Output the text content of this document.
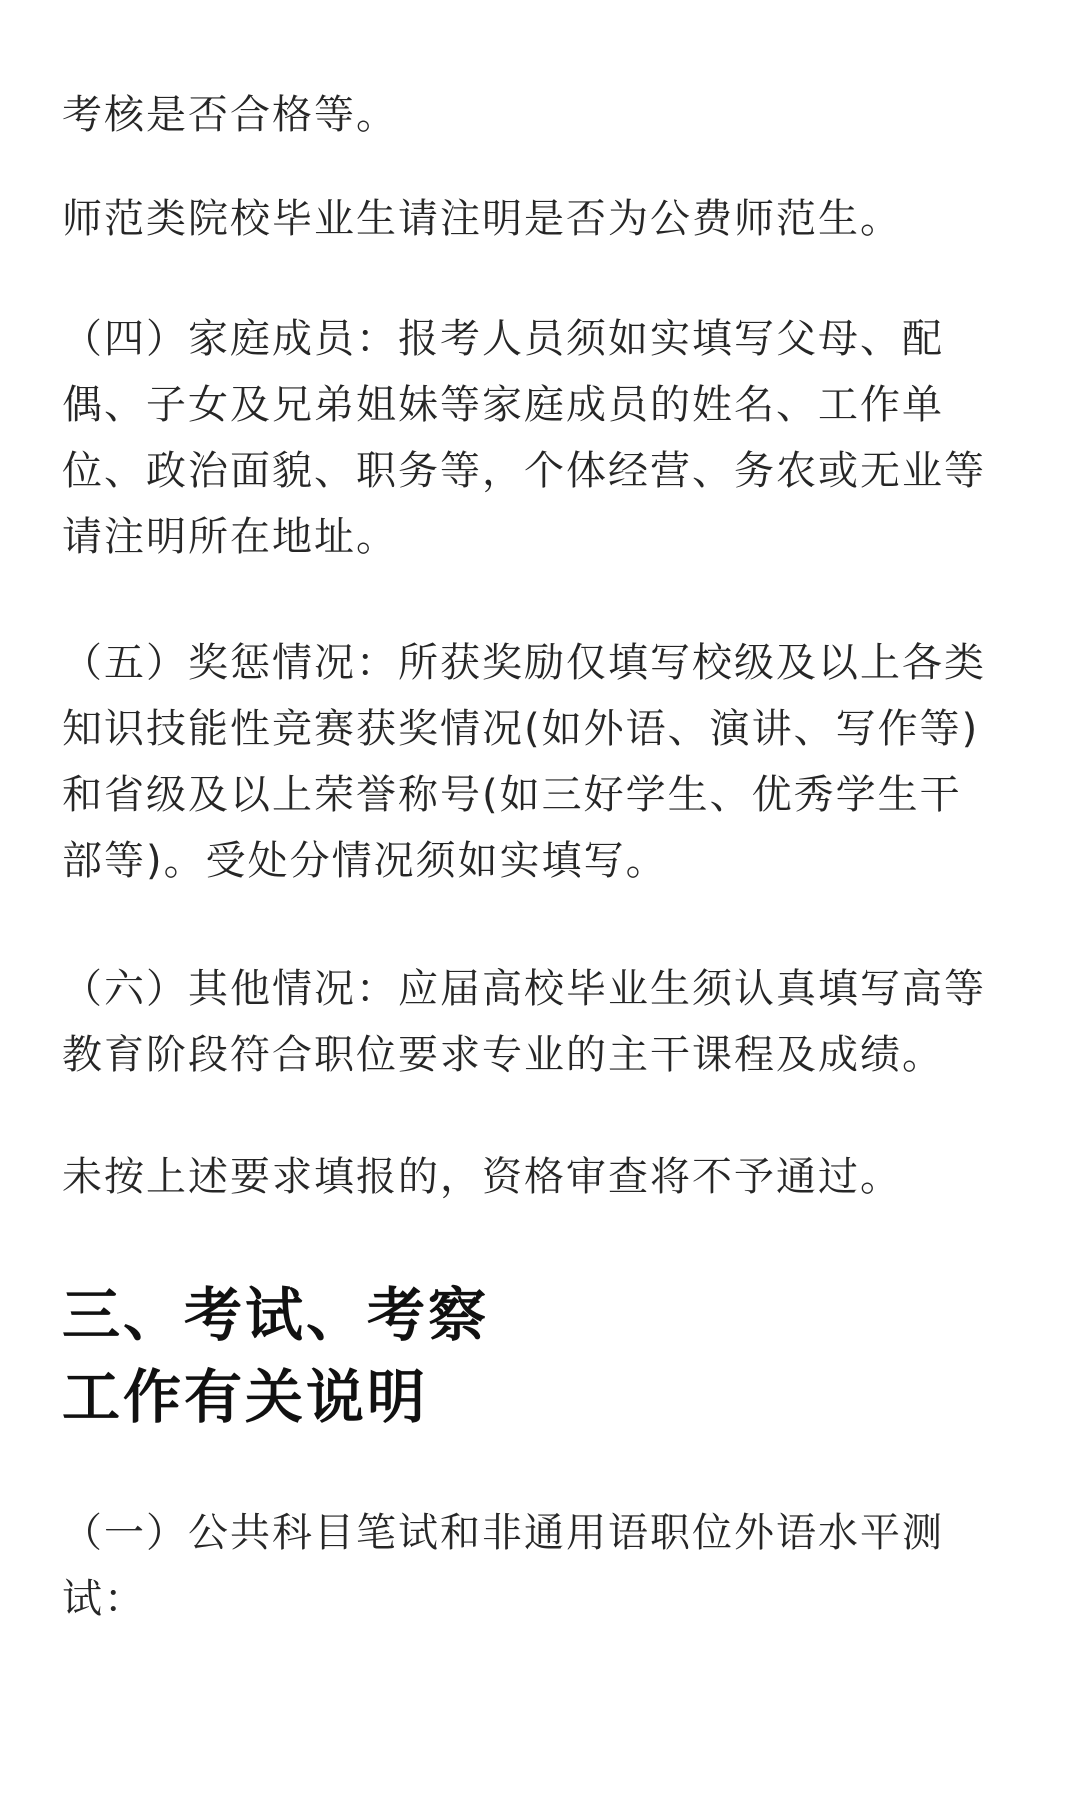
考核是否合格等。

师范类院校毕业生请注明是否为公费师范生。

（四）家庭成员：报考人员须如实填写父母、配
偶、子女及兄弟姐妹等家庭成员的姓名、工作单
位、政治面貌、职务等，个体经营、务农或无业等
请注明所在地址。

（五）奖惩情况：所获奖励仅填写校级及以上各类
知识技能性竞赛获奖情况(如外语、演讲、写作等)
和省级及以上荣誉称号(如三好学生、优秀学生干
部等)。受处分情况须如实填写。

（六）其他情况：应届高校毕业生须认真填写高等
教育阶段符合职位要求专业的主干课程及成绩。

未按上述要求填报的，资格审查将不予通过。

三、考试、考察
工作有关说明

（一）公共科目笔试和非通用语职位外语水平测
试：
